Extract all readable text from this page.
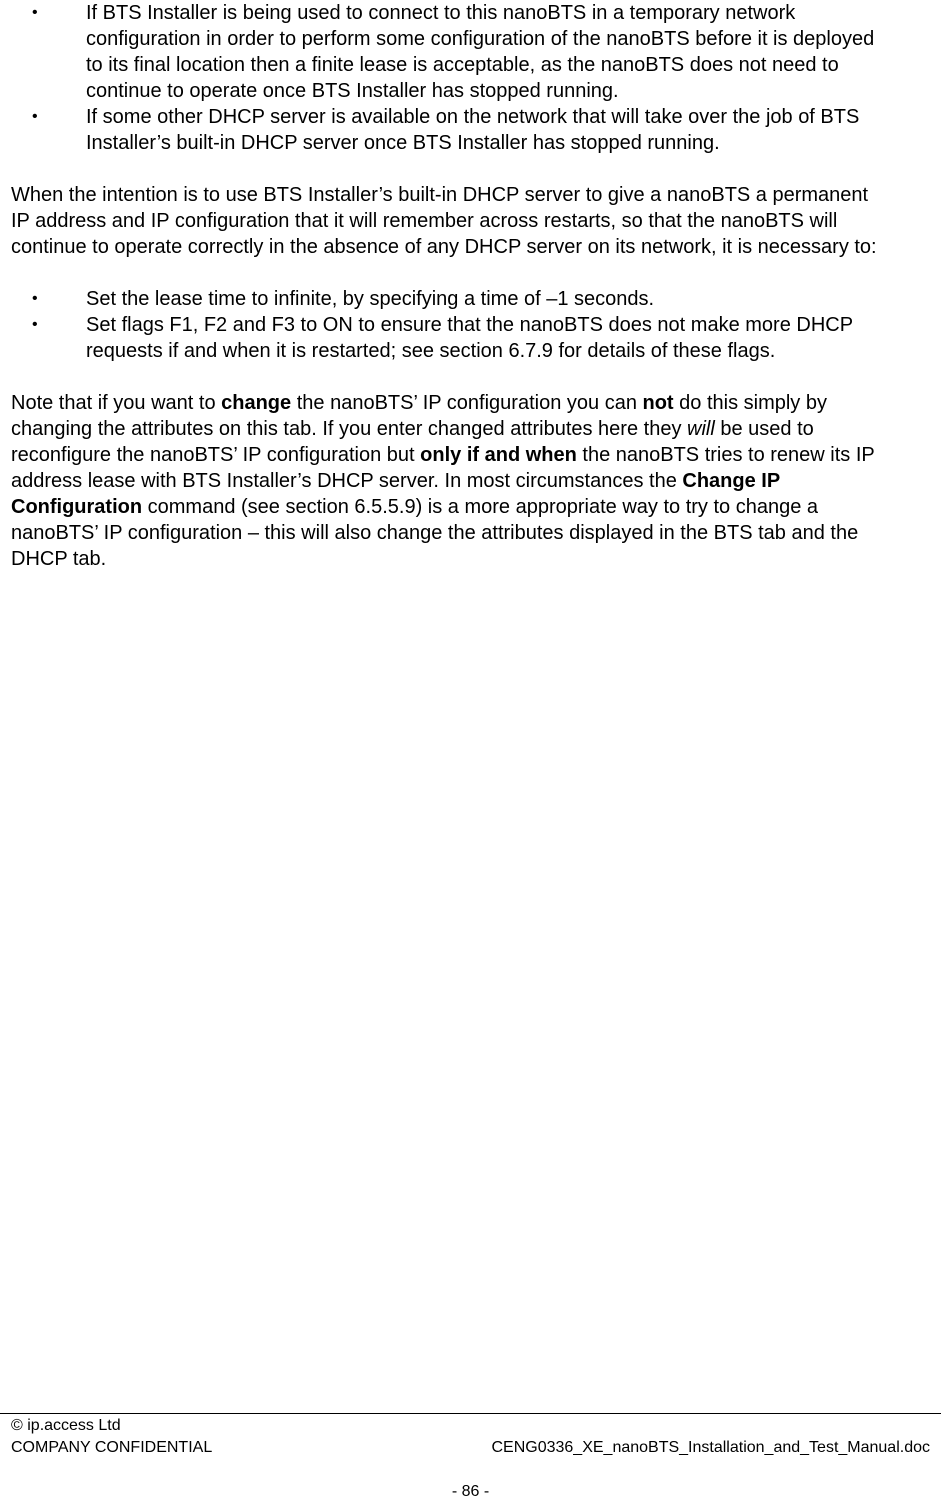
• If BTS Installer is being used to connect to this nanoBTS in a temporary network configuration in order to perform some configuration of the nanoBTS before it is deployed to its final location then a finite lease is acceptable, as the nanoBTS does not need to continue to operate once BTS Installer has stopped running.
• If some other DHCP server is available on the network that will take over the job of BTS Installer’s built-in DHCP server once BTS Installer has stopped running.

When the intention is to use BTS Installer’s built-in DHCP server to give a nanoBTS a permanent IP address and IP configuration that it will remember across restarts, so that the nanoBTS will continue to operate correctly in the absence of any DHCP server on its network, it is necessary to:

• Set the lease time to infinite, by specifying a time of –1 seconds.
• Set flags F1, F2 and F3 to ON to ensure that the nanoBTS does not make more DHCP requests if and when it is restarted; see section 6.7.9 for details of these flags.

Note that if you want to change the nanoBTS’ IP configuration you can not do this simply by changing the attributes on this tab. If you enter changed attributes here they will be used to reconfigure the nanoBTS’ IP configuration but only if and when the nanoBTS tries to renew its IP address lease with BTS Installer’s DHCP server. In most circumstances the Change IP Configuration command (see section 6.5.5.9) is a more appropriate way to try to change a nanoBTS’ IP configuration – this will also change the attributes displayed in the BTS tab and the DHCP tab.

© ip.access Ltd
COMPANY CONFIDENTIAL	CENG0336_XE_nanoBTS_Installation_and_Test_Manual.doc
- 86 -
